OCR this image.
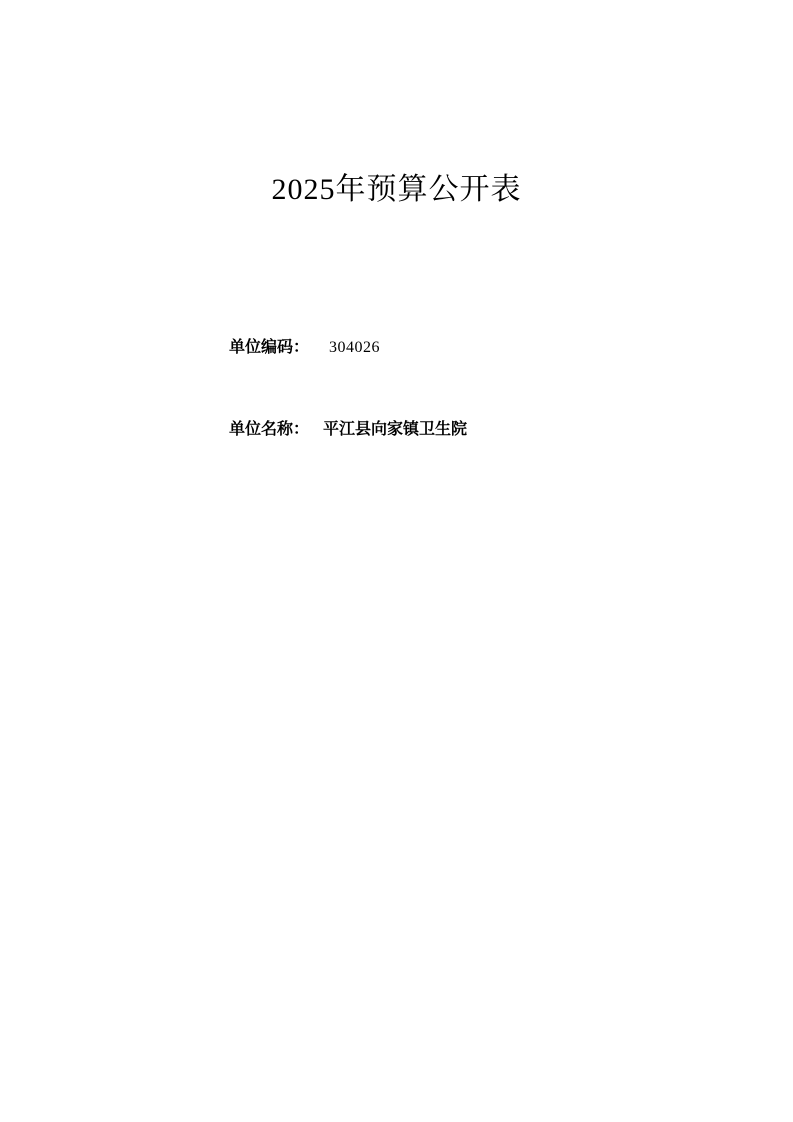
2025年预算公开表
单位编码： 304026
单位名称： 平江县向家镇卫生院
